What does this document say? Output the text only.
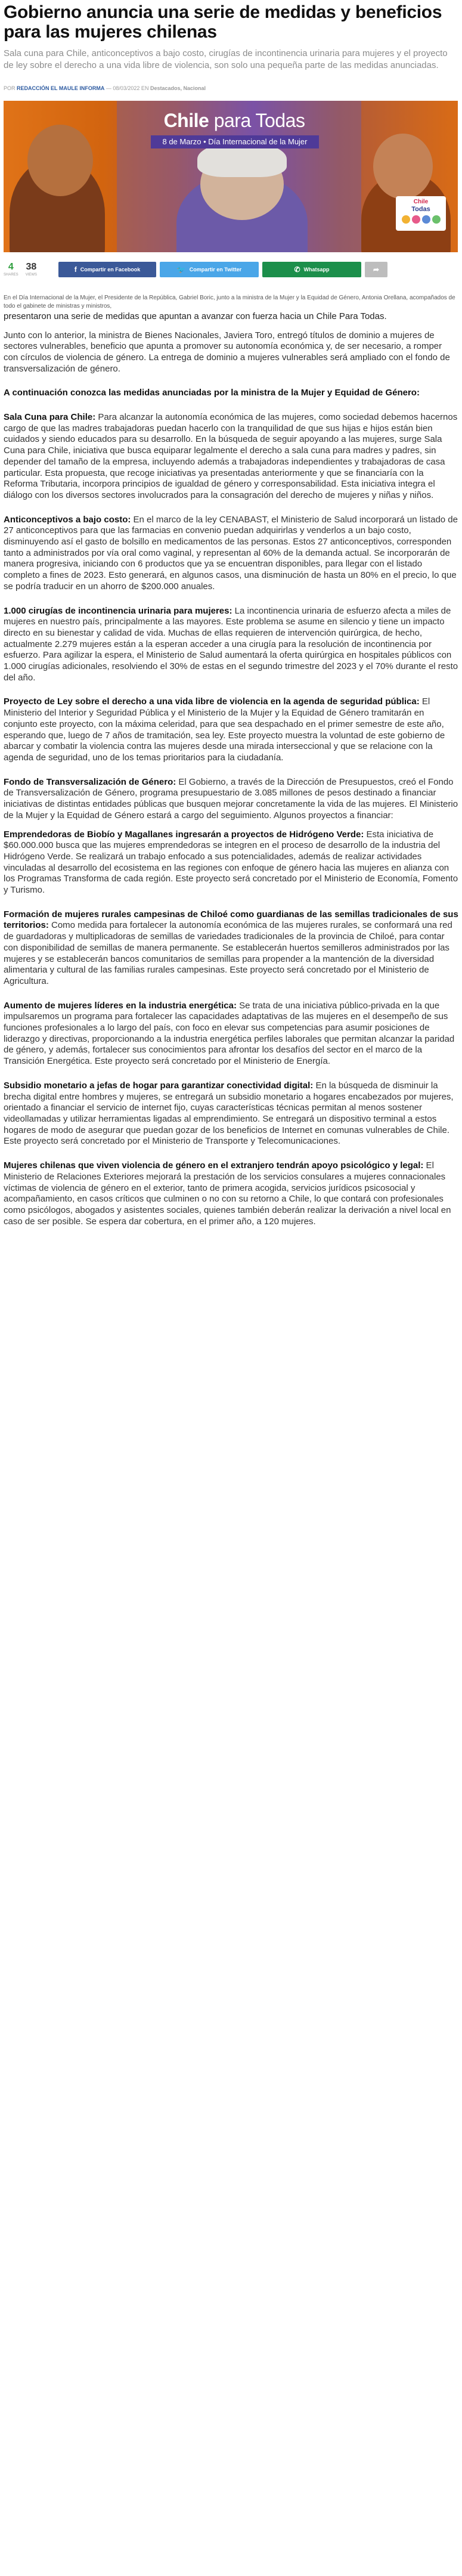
Gobierno anuncia una serie de medidas y beneficios para las mujeres chilenas

Sala cuna para Chile, anticonceptivos a bajo costo, cirugías de incontinencia urinaria para mujeres y el proyecto de ley sobre el derecho a una vida libre de violencia, son solo una pequeña parte de las medidas anunciadas.

POR REDACCIÓN EL MAULE INFORMA — 08/03/2022 EN Destacados, Nacional
Chile para Todas
8 de Marzo • Día Internacional de la Mujer
Chile
Todas
4
SHARES
38
VIEWS
f Compartir en Facebook	🐦 Compartir en Twitter	✆ Whatsapp	➦

En el Día Internacional de la Mujer, el Presidente de la República, Gabriel Boric, junto a la ministra de la Mujer y la Equidad de Género, Antonia Orellana, acompañados de todo el gabinete de ministras y ministros,

presentaron una serie de medidas que apuntan a avanzar con fuerza hacia un Chile Para Todas.

Junto con lo anterior, la ministra de Bienes Nacionales, Javiera Toro, entregó títulos de dominio a mujeres de sectores vulnerables, beneficio que apunta a promover su autonomía económica y, de ser necesario, a romper con círculos de violencia de género. La entrega de dominio a mujeres vulnerables será ampliado con el fondo de transversalización de género.

A continuación conozca las medidas anunciadas por la ministra de la Mujer y Equidad de Género:

Sala Cuna para Chile: Para alcanzar la autonomía económica de las mujeres, como sociedad debemos hacernos cargo de que las madres trabajadoras puedan hacerlo con la tranquilidad de que sus hijas e hijos están bien cuidados y siendo educados para su desarrollo. En la búsqueda de seguir apoyando a las mujeres, surge Sala Cuna para Chile, iniciativa que busca equiparar legalmente el derecho a sala cuna para madres y padres, sin depender del tamaño de la empresa, incluyendo además a trabajadoras independientes y trabajadoras de casa particular. Esta propuesta, que recoge iniciativas ya presentadas anteriormente y que se financiaría con la Reforma Tributaria, incorpora principios de igualdad de género y corresponsabilidad. Esta iniciativa integra el diálogo con los diversos sectores involucrados para la consagración del derecho de mujeres y niñas y niños.

Anticonceptivos a bajo costo: En el marco de la ley CENABAST, el Ministerio de Salud incorporará un listado de 27 anticonceptivos para que las farmacias en convenio puedan adquirirlas y venderlos a un bajo costo, disminuyendo así el gasto de bolsillo en medicamentos de las personas. Estos 27 anticonceptivos, corresponden tanto a administrados por vía oral como vaginal, y representan al 60% de la demanda actual. Se incorporarán de manera progresiva, iniciando con 6 productos que ya se encuentran disponibles, para llegar con el listado completo a fines de 2023. Esto generará, en algunos casos, una disminución de hasta un 80% en el precio, lo que se podría traducir en un ahorro de $200.000 anuales.

1.000 cirugías de incontinencia urinaria para mujeres: La incontinencia urinaria de esfuerzo afecta a miles de mujeres en nuestro país, principalmente a las mayores. Este problema se asume en silencio y tiene un impacto directo en su bienestar y calidad de vida. Muchas de ellas requieren de intervención quirúrgica, de hecho, actualmente 2.279 mujeres están a la esperan acceder a una cirugía para la resolución de incontinencia por esfuerzo. Para agilizar la espera, el Ministerio de Salud aumentará la oferta quirúrgica en hospitales públicos con 1.000 cirugías adicionales, resolviendo el 30% de estas en el segundo trimestre del 2023 y el 70% durante el resto del año.

Proyecto de Ley sobre el derecho a una vida libre de violencia en la agenda de seguridad pública: El Ministerio del Interior y Seguridad Pública y el Ministerio de la Mujer y la Equidad de Género tramitarán en conjunto este proyecto, con la máxima celeridad, para que sea despachado en el primer semestre de este año, esperando que, luego de 7 años de tramitación, sea ley. Este proyecto muestra la voluntad de este gobierno de abarcar y combatir la violencia contra las mujeres desde una mirada interseccional y que se relacione con la agenda de seguridad, uno de los temas prioritarios para la ciudadanía.

Fondo de Transversalización de Género: El Gobierno, a través de la Dirección de Presupuestos, creó el Fondo de Transversalización de Género, programa presupuestario de 3.085 millones de pesos destinado a financiar iniciativas de distintas entidades públicas que busquen mejorar concretamente la vida de las mujeres. El Ministerio de la Mujer y la Equidad de Género estará a cargo del seguimiento. Algunos proyectos a financiar:

Emprendedoras de Biobío y Magallanes ingresarán a proyectos de Hidrógeno Verde: Esta iniciativa de $60.000.000 busca que las mujeres emprendedoras se integren en el proceso de desarrollo de la industria del Hidrógeno Verde. Se realizará un trabajo enfocado a sus potencialidades, además de realizar actividades vinculadas al desarrollo del ecosistema en las regiones con enfoque de género hacia las mujeres en alianza con los Programas Transforma de cada región. Este proyecto será concretado por el Ministerio de Economía, Fomento y Turismo.

Formación de mujeres rurales campesinas de Chiloé como guardianas de las semillas tradicionales de sus territorios: Como medida para fortalecer la autonomía económica de las mujeres rurales, se conformará una red de guardadoras y multiplicadoras de semillas de variedades tradicionales de la provincia de Chiloé, para contar con disponibilidad de semillas de manera permanente. Se establecerán huertos semilleros administrados por las mujeres y se establecerán bancos comunitarios de semillas para propender a la mantención de la diversidad alimentaria y cultural de las familias rurales campesinas. Este proyecto será concretado por el Ministerio de Agricultura.

Aumento de mujeres líderes en la industria energética: Se trata de una iniciativa público-privada en la que impulsaremos un programa para fortalecer las capacidades adaptativas de las mujeres en el desempeño de sus funciones profesionales a lo largo del país, con foco en elevar sus competencias para asumir posiciones de liderazgo y directivas, proporcionando a la industria energética perfiles laborales que permitan alcanzar la paridad de género, y además, fortalecer sus conocimientos para afrontar los desafíos del sector en el marco de la Transición Energética. Este proyecto será concretado por el Ministerio de Energía.

Subsidio monetario a jefas de hogar para garantizar conectividad digital: En la búsqueda de disminuir la brecha digital entre hombres y mujeres, se entregará un subsidio monetario a hogares encabezados por mujeres, orientado a financiar el servicio de internet fijo, cuyas características técnicas permitan al menos sostener videollamadas y utilizar herramientas ligadas al emprendimiento. Se entregará un dispositivo terminal a estos hogares de modo de asegurar que puedan gozar de los beneficios de Internet en comunas vulnerables de Chile. Este proyecto será concretado por el Ministerio de Transporte y Telecomunicaciones.

Mujeres chilenas que viven violencia de género en el extranjero tendrán apoyo psicológico y legal: El Ministerio de Relaciones Exteriores mejorará la prestación de los servicios consulares a mujeres connacionales víctimas de violencia de género en el exterior, tanto de primera acogida, servicios jurídicos psicosocial y acompañamiento, en casos críticos que culminen o no con su retorno a Chile, lo que contará con profesionales como psicólogos, abogados y asistentes sociales, quienes también deberán realizar la derivación a nivel local en caso de ser posible. Se espera dar cobertura, en el primer año, a 120 mujeres.
